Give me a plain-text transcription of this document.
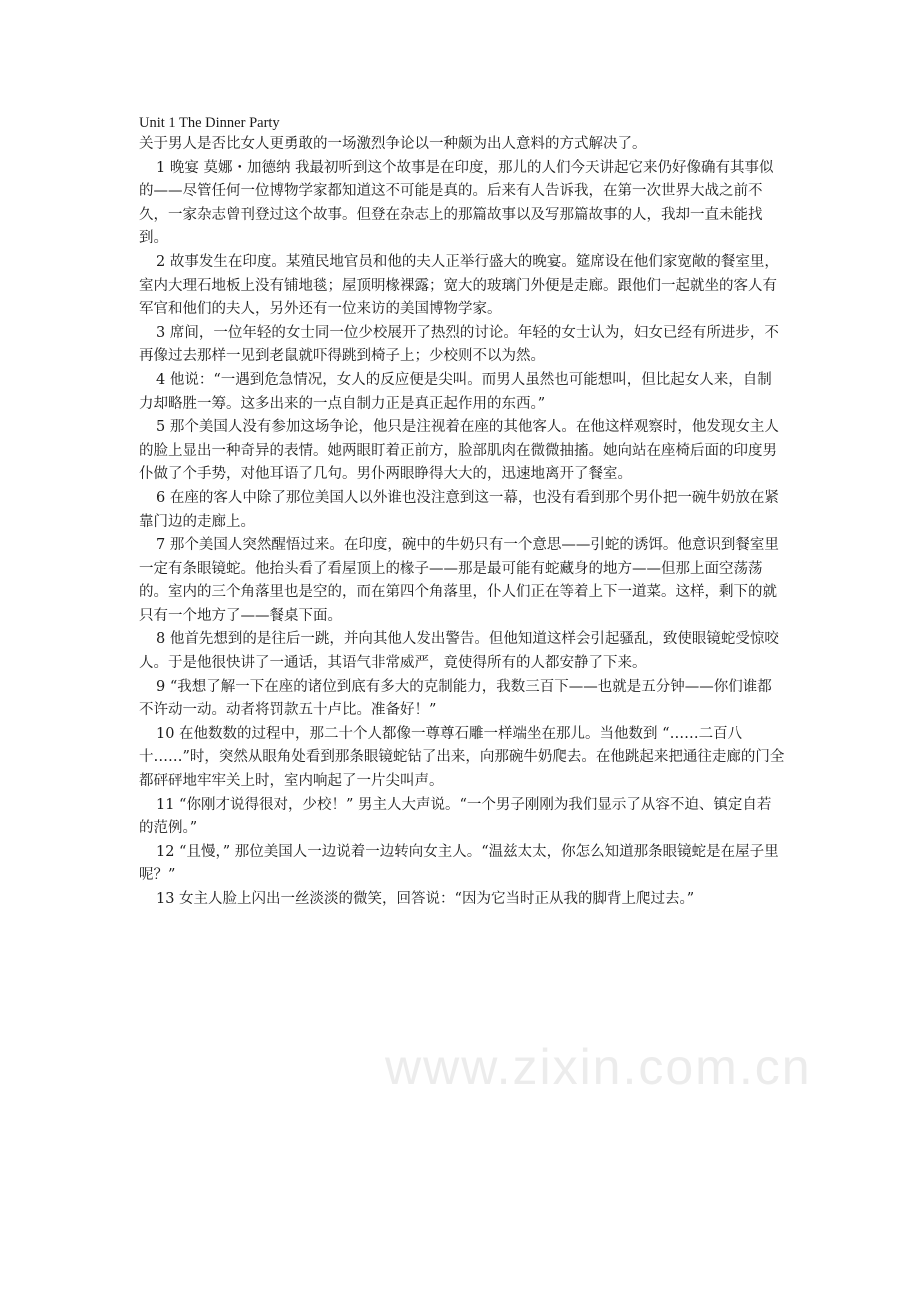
Unit 1 The Dinner Party

关于男人是否比女人更勇敢的一场激烈争论以一种颇为出人意料的方式解决了。

1 晚宴 莫娜・加德纳 我最初听到这个故事是在印度，那儿的人们今天讲起它来仍好像确有其事似的——尽管任何一位博物学家都知道这不可能是真的。后来有人告诉我，在第一次世界大战之前不久，一家杂志曾刊登过这个故事。但登在杂志上的那篇故事以及写那篇故事的人，我却一直未能找到。

2 故事发生在印度。某殖民地官员和他的夫人正举行盛大的晚宴。筵席设在他们家宽敞的餐室里，室内大理石地板上没有铺地毯；屋顶明椽裸露；宽大的玻璃门外便是走廊。跟他们一起就坐的客人有军官和他们的夫人，另外还有一位来访的美国博物学家。

3 席间，一位年轻的女士同一位少校展开了热烈的讨论。年轻的女士认为，妇女已经有所进步，不再像过去那样一见到老鼠就吓得跳到椅子上；少校则不以为然。

4 他说：“一遇到危急情况，女人的反应便是尖叫。而男人虽然也可能想叫，但比起女人来，自制力却略胜一筹。这多出来的一点自制力正是真正起作用的东西。”

5 那个美国人没有参加这场争论，他只是注视着在座的其他客人。在他这样观察时，他发现女主人的脸上显出一种奇异的表情。她两眼盯着正前方，脸部肌肉在微微抽搐。她向站在座椅后面的印度男仆做了个手势，对他耳语了几句。男仆两眼睁得大大的，迅速地离开了餐室。

6 在座的客人中除了那位美国人以外谁也没注意到这一幕，也没有看到那个男仆把一碗牛奶放在紧靠门边的走廊上。

7 那个美国人突然醒悟过来。在印度，碗中的牛奶只有一个意思——引蛇的诱饵。他意识到餐室里一定有条眼镜蛇。他抬头看了看屋顶上的椽子——那是最可能有蛇藏身的地方——但那上面空荡荡的。室内的三个角落里也是空的，而在第四个角落里，仆人们正在等着上下一道菜。这样，剩下的就只有一个地方了——餐桌下面。

8 他首先想到的是往后一跳，并向其他人发出警告。但他知道这样会引起骚乱，致使眼镜蛇受惊咬人。于是他很快讲了一通话，其语气非常威严，竟使得所有的人都安静了下来。

9 “我想了解一下在座的诸位到底有多大的克制能力，我数三百下——也就是五分钟——你们谁都不许动一动。动者将罚款五十卢比。准备好！”

10 在他数数的过程中，那二十个人都像一尊尊石雕一样端坐在那儿。当他数到 “……二百八十……”时，突然从眼角处看到那条眼镜蛇钻了出来，向那碗牛奶爬去。在他跳起来把通往走廊的门全都砰砰地牢牢关上时，室内响起了一片尖叫声。

11 “你刚才说得很对，少校！” 男主人大声说。“一个男子刚刚为我们显示了从容不迫、镇定自若的范例。”

12 “且慢，” 那位美国人一边说着一边转向女主人。“温兹太太，你怎么知道那条眼镜蛇是在屋子里呢？”

13 女主人脸上闪出一丝淡淡的微笑，回答说：“因为它当时正从我的脚背上爬过去。”

www.zixin.com.cn
